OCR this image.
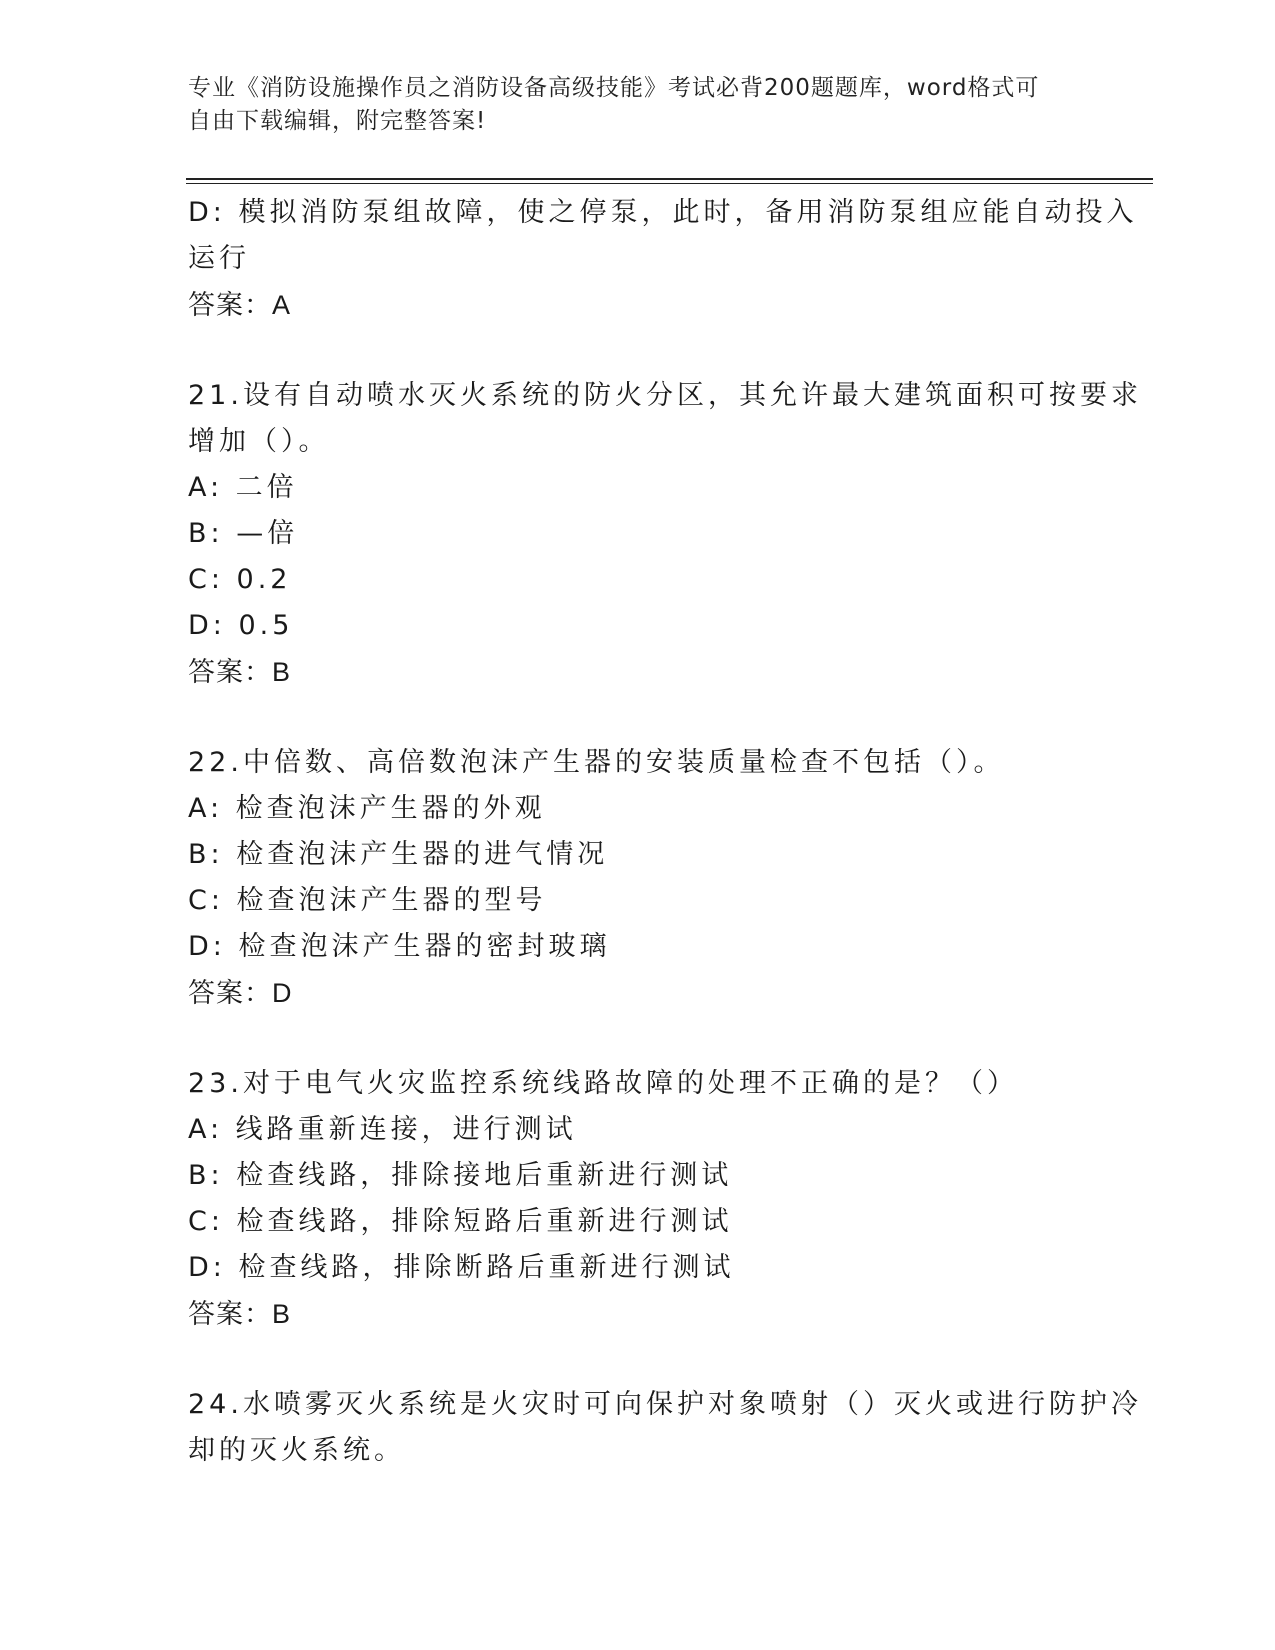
专业《消防设施操作员之消防设备高级技能》考试必背200题题库，word格式可
自由下载编辑，附完整答案!
D: 模拟消防泵组故障，使之停泵，此时，备用消防泵组应能自动投入
运行
答案：A
21.设有自动喷水灭火系统的防火分区，其允许最大建筑面积可按要求
增加（）。
A: 二倍
B: —倍
C: 0.2
D: 0.5
答案：B
22.中倍数、高倍数泡沫产生器的安装质量检查不包括（）。
A: 检查泡沫产生器的外观
B: 检查泡沫产生器的进气情况
C: 检查泡沫产生器的型号
D: 检查泡沫产生器的密封玻璃
答案：D
23.对于电气火灾监控系统线路故障的处理不正确的是？（）
A: 线路重新连接，进行测试
B: 检查线路，排除接地后重新进行测试
C: 检查线路，排除短路后重新进行测试
D: 检查线路，排除断路后重新进行测试
答案：B
24.水喷雾灭火系统是火灾时可向保护对象喷射（）灭火或进行防护冷
却的灭火系统。
